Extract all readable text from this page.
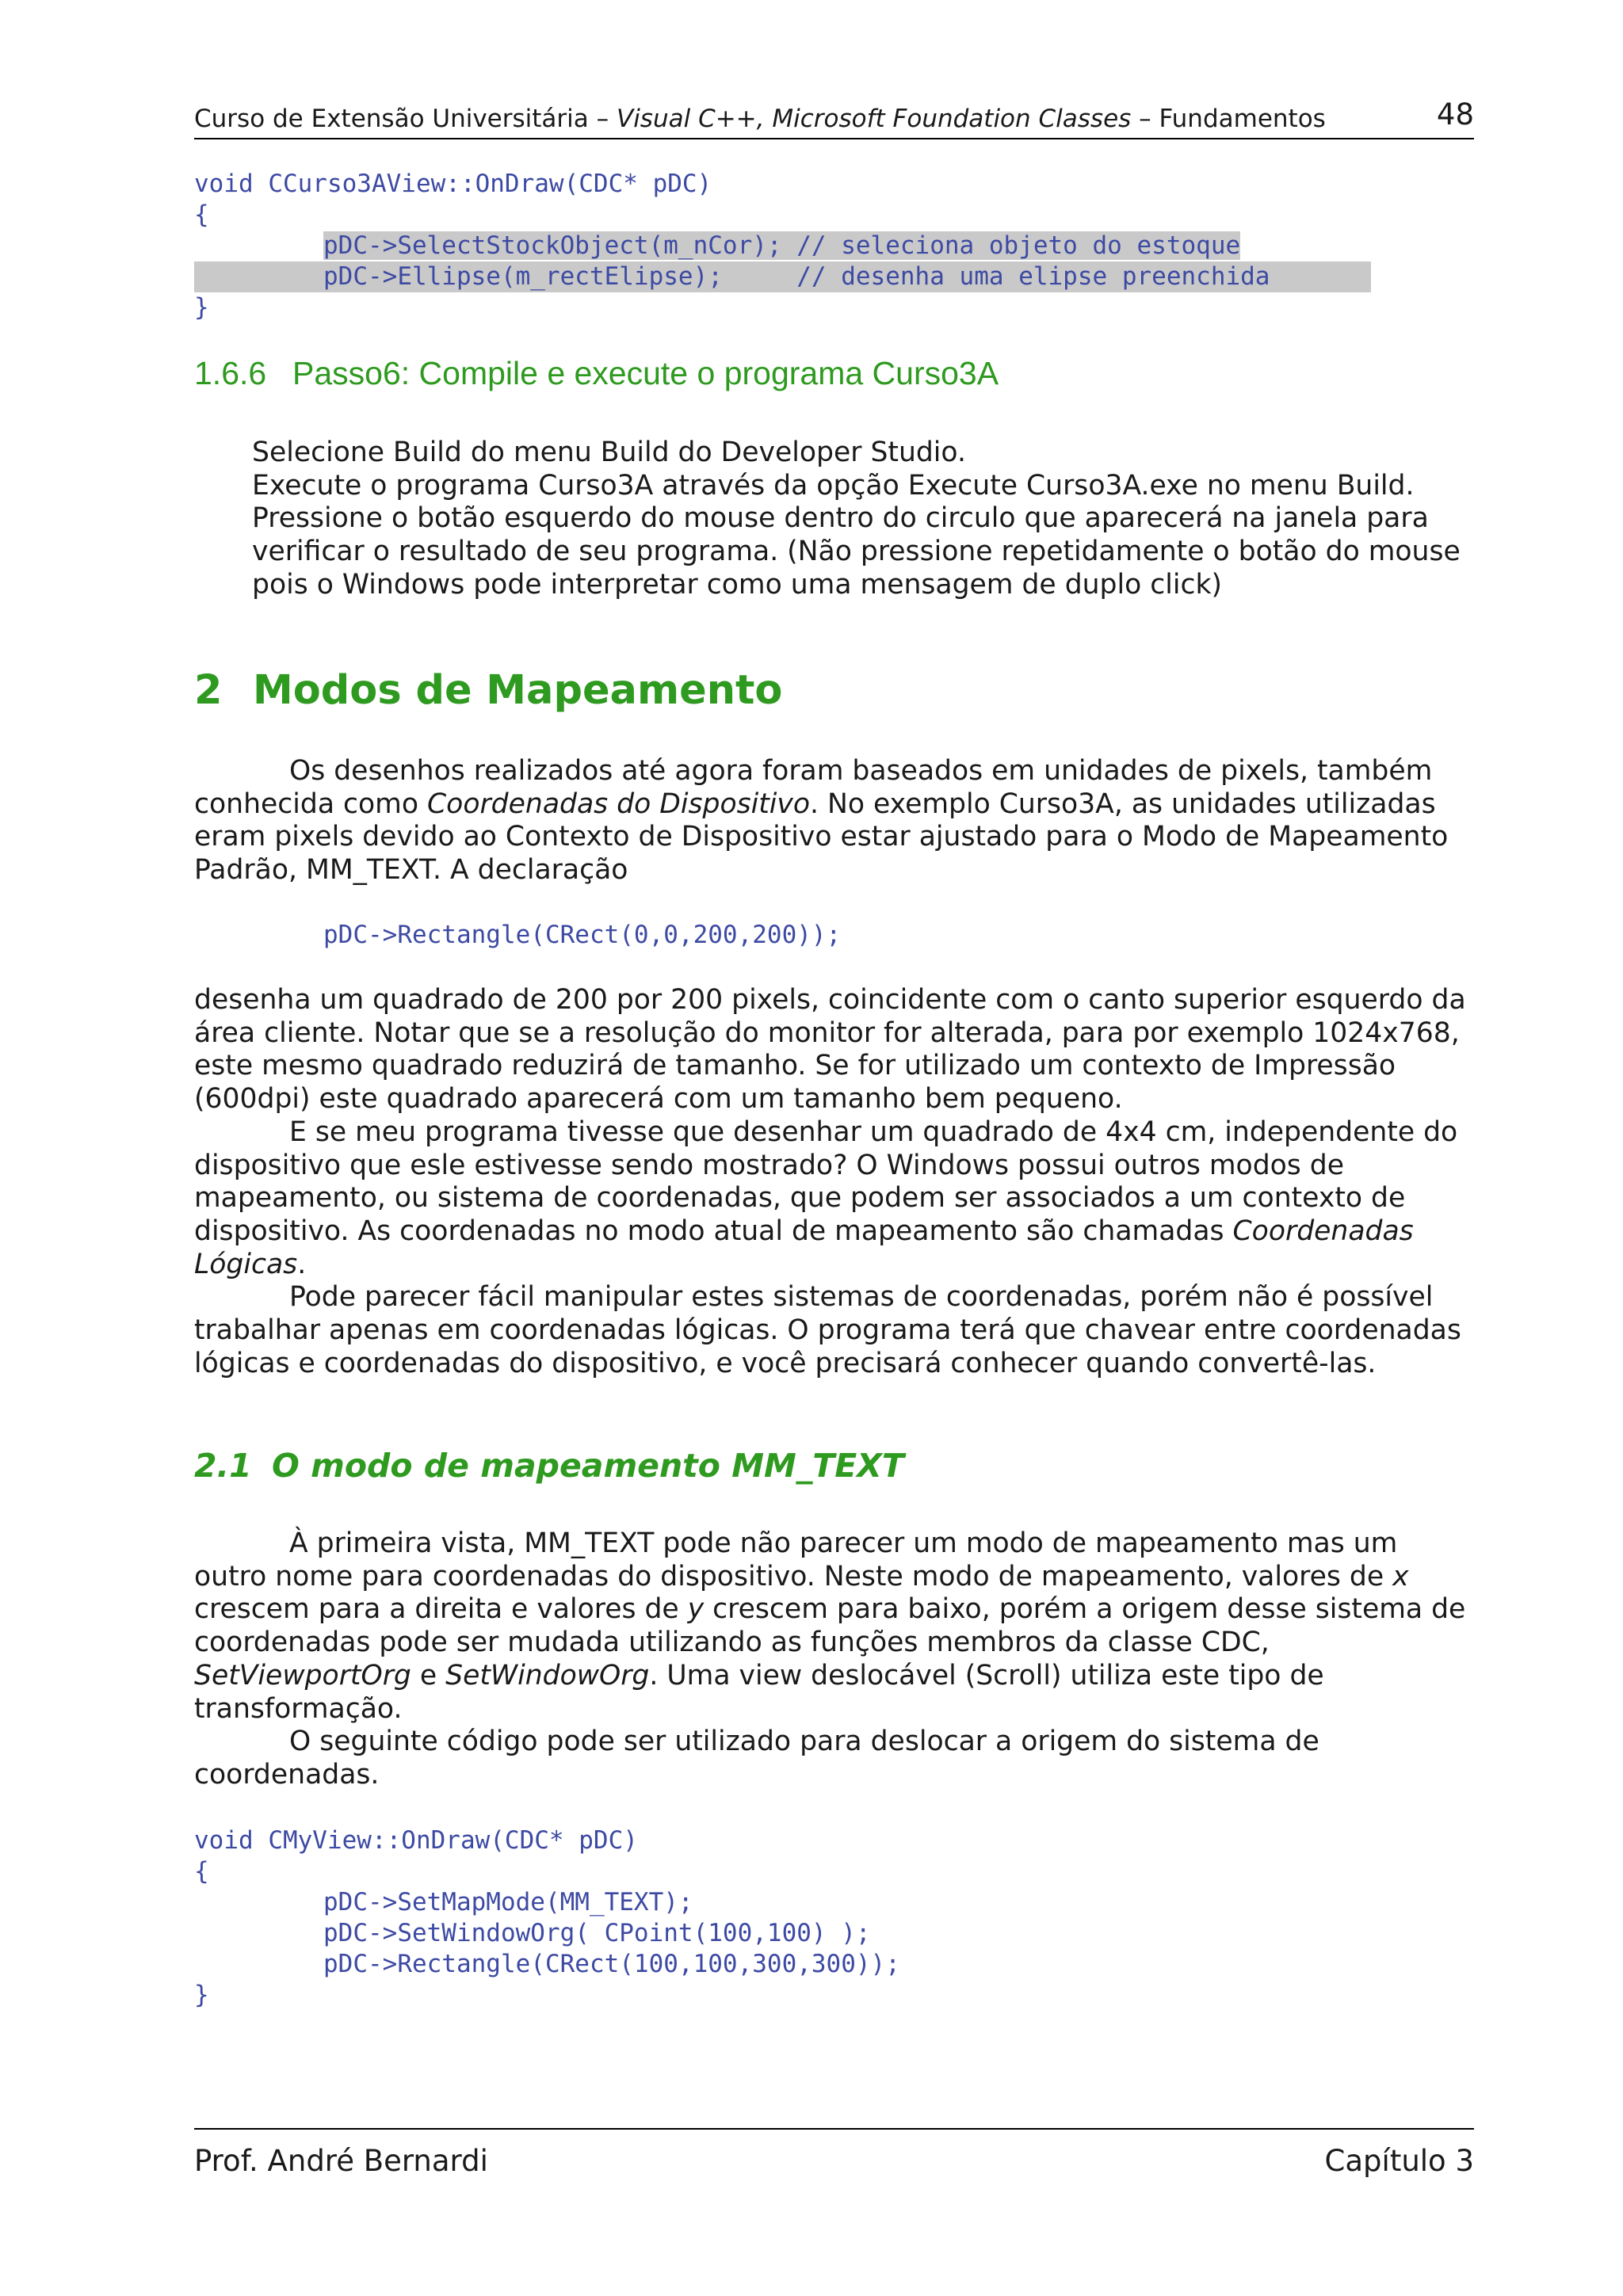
Curso de Extensão Universitária – Visual C++, Microsoft Foundation Classes – Fundamentos	48
void CCurso3AView::OnDraw(CDC* pDC)
{
pDC->SelectStockObject(m_nCor); // seleciona objeto do estoque
pDC->Ellipse(m_rectElipse);     // desenha uma elipse preenchida
}
1.6.6 Passo6: Compile e execute o programa Curso3A
Selecione Build do menu Build do Developer Studio.
Execute o programa Curso3A através da opção Execute Curso3A.exe no menu Build.
Pressione o botão esquerdo do mouse dentro do circulo que aparecerá na janela para
verificar o resultado de seu programa. (Não pressione repetidamente o botão do mouse
pois o Windows pode interpretar como uma mensagem de duplo click)
2 Modos de Mapeamento
Os desenhos realizados até agora foram baseados em unidades de pixels, também
conhecida como Coordenadas do Dispositivo. No exemplo Curso3A, as unidades utilizadas
eram pixels devido ao Contexto de Dispositivo estar ajustado para o Modo de Mapeamento
Padrão, MM_TEXT. A declaração
pDC->Rectangle(CRect(0,0,200,200));
desenha um quadrado de 200 por 200 pixels, coincidente com o canto superior esquerdo da
área cliente. Notar que se a resolução do monitor for alterada, para por exemplo 1024x768,
este mesmo quadrado reduzirá de tamanho. Se for utilizado um contexto de Impressão
(600dpi) este quadrado aparecerá com um tamanho bem pequeno.
E se meu programa tivesse que desenhar um quadrado de 4x4 cm, independente do
dispositivo que esle estivesse sendo mostrado? O Windows possui outros modos de
mapeamento, ou sistema de coordenadas, que podem ser associados a um contexto de
dispositivo. As coordenadas no modo atual de mapeamento são chamadas Coordenadas
Lógicas.
Pode parecer fácil manipular estes sistemas de coordenadas, porém não é possível
trabalhar apenas em coordenadas lógicas. O programa terá que chavear entre coordenadas
lógicas e coordenadas do dispositivo, e você precisará conhecer quando convertê-las.
2.1 O modo de mapeamento MM_TEXT
À primeira vista, MM_TEXT pode não parecer um modo de mapeamento mas um
outro nome para coordenadas do dispositivo. Neste modo de mapeamento, valores de x
crescem para a direita e valores de y crescem para baixo, porém a origem desse sistema de
coordenadas pode ser mudada utilizando as funções membros da classe CDC,
SetViewportOrg e SetWindowOrg. Uma view deslocável (Scroll) utiliza este tipo de
transformação.
O seguinte código pode ser utilizado para deslocar a origem do sistema de
coordenadas.
void CMyView::OnDraw(CDC* pDC)
{
pDC->SetMapMode(MM_TEXT);
pDC->SetWindowOrg( CPoint(100,100) );
pDC->Rectangle(CRect(100,100,300,300));
}
Prof. André Bernardi	Capítulo 3
